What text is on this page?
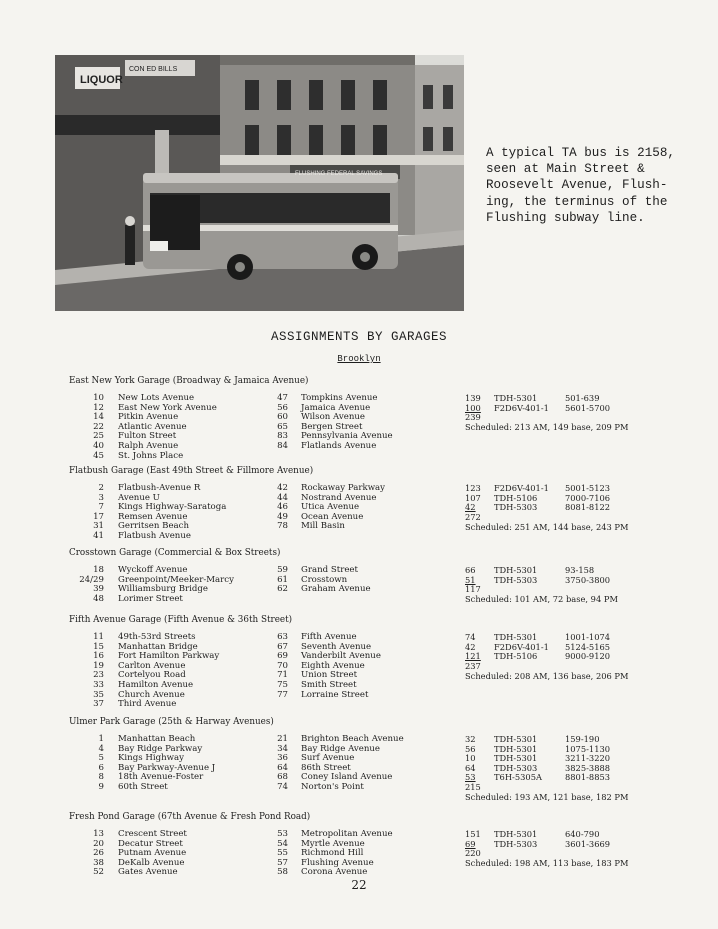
LIQUOR
CON ED BILLS
FLUSHING FEDERAL SAVINGS
A typical TA bus is 2158,
seen at Main Street &
Roosevelt Avenue, Flush-
ing, the terminus of the
Flushing subway line.
ASSIGNMENTS BY GARAGES
Brooklyn
East New York Garage (Broadway & Jamaica Avenue)
10 New Lots Avenue	47 Tompkins Avenue
12 East New York Avenue	56 Jamaica Avenue
14 Pitkin Avenue	60 Wilson Avenue
22 Atlantic Avenue	65 Bergen Street
25 Fulton Street	83 Pennsylvania Avenue
40 Ralph Avenue	84 Flatlands Avenue
45 St. Johns Place
139	TDH-5301	501-639
100	F2D6V-401-1 5601-5700
239
Scheduled: 213 AM, 149 base, 209 PM
Flatbush Garage (East 49th Street & Fillmore Avenue)
2 Flatbush-Avenue R	42 Rockaway Parkway
3 Avenue U	44 Nostrand Avenue
7 Kings Highway-Saratoga	46 Utica Avenue
17 Remsen Avenue	49 Ocean Avenue
31 Gerritsen Beach	78 Mill Basin
41 Flatbush Avenue
123	F2D6V-401-1 5001-5123
107	TDH-5106	7000-7106
42	TDH-5303	8081-8122
272
Scheduled: 251 AM, 144 base, 243 PM
Crosstown Garage (Commercial & Box Streets)
18 Wyckoff Avenue	59 Grand Street
24/29 Greenpoint/Meeker-Marcy	61 Crosstown
39 Williamsburg Bridge	62 Graham Avenue
48 Lorimer Street
66	TDH-5301	93-158
51	TDH-5303	3750-3800
117
Scheduled: 101 AM, 72 base, 94 PM
Fifth Avenue Garage (Fifth Avenue & 36th Street)
11 49th-53rd Streets	63 Fifth Avenue
15 Manhattan Bridge	67 Seventh Avenue
16 Fort Hamilton Parkway	69 Vanderbilt Avenue
19 Carlton Avenue	70 Eighth Avenue
23 Cortelyou Road	71 Union Street
33 Hamilton Avenue	75 Smith Street
35 Church Avenue	77 Lorraine Street
37 Third Avenue
74	TDH-5301	1001-1074
42	F2D6V-401-1 5124-5165
121	TDH-5106	9000-9120
237
Scheduled: 208 AM, 136 base, 206 PM
Ulmer Park Garage (25th & Harway Avenues)
1 Manhattan Beach	21 Brighton Beach Avenue
4 Bay Ridge Parkway	34 Bay Ridge Avenue
5 Kings Highway	36 Surf Avenue
6 Bay Parkway-Avenue J	64 86th Street
8 18th Avenue-Foster	68 Coney Island Avenue
9 60th Street	74 Norton's Point
32	TDH-5301	159-190
56	TDH-5301	1075-1130
10	TDH-5301	3211-3220
64	TDH-5303	3825-3888
53	T6H-5305A	8801-8853
215
Scheduled: 193 AM, 121 base, 182 PM
Fresh Pond Garage (67th Avenue & Fresh Pond Road)
13 Crescent Street	53 Metropolitan Avenue
20 Decatur Street	54 Myrtle Avenue
26 Putnam Avenue	55 Richmond Hill
38 DeKalb Avenue	57 Flushing Avenue
52 Gates Avenue	58 Corona Avenue
151	TDH-5301	640-790
69	TDH-5303	3601-3669
220
Scheduled: 198 AM, 113 base, 183 PM
22
